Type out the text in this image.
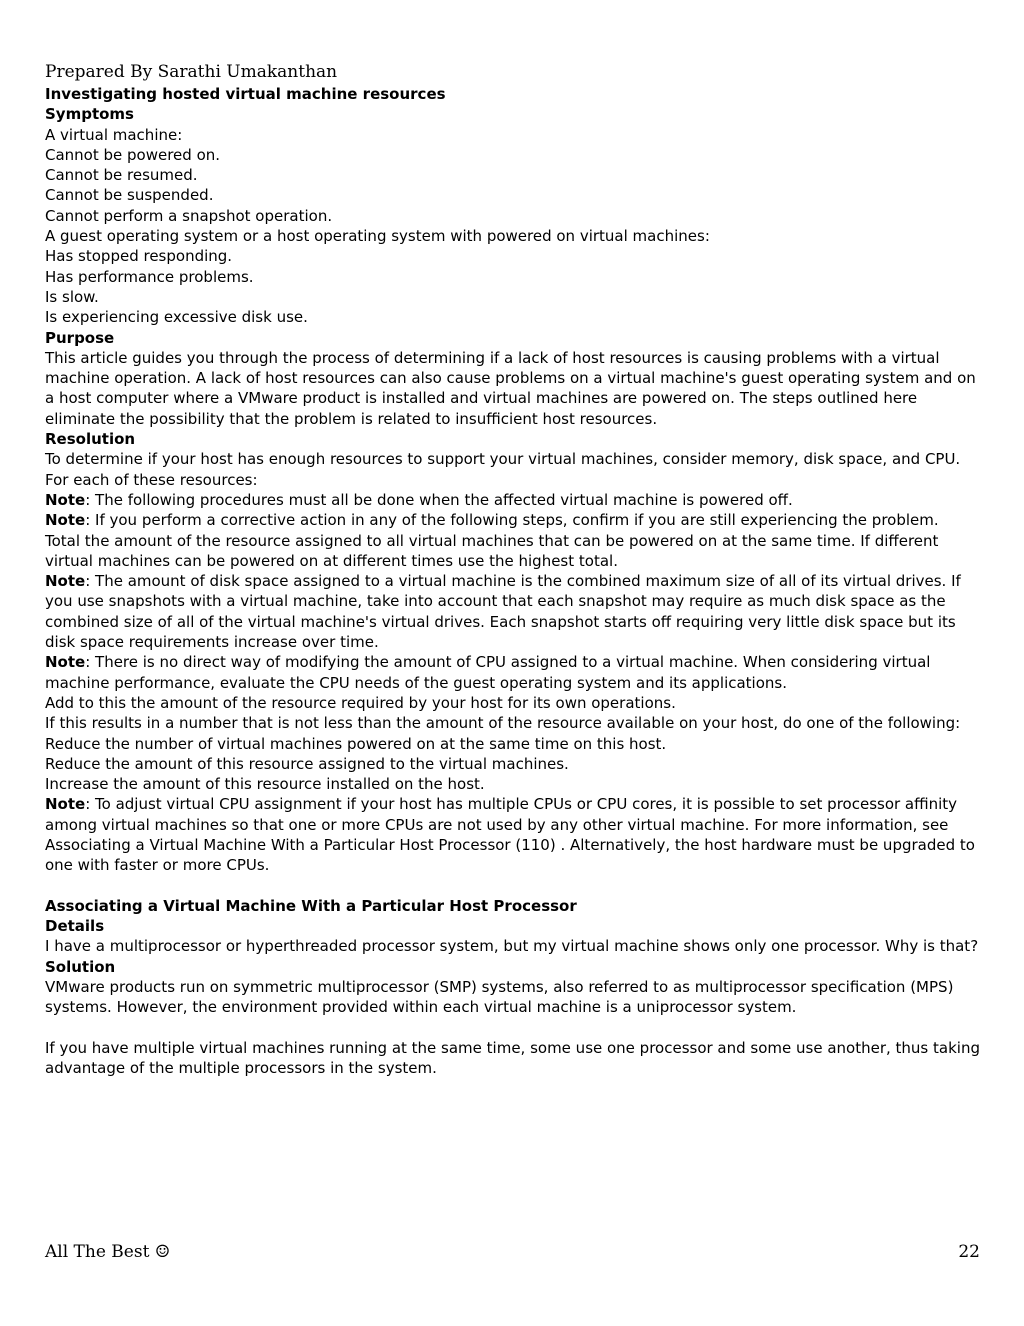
Prepared By Sarathi Umakanthan

Investigating hosted virtual machine resources

Symptoms

A virtual machine:

Cannot be powered on.

Cannot be resumed.

Cannot be suspended.

Cannot perform a snapshot operation.

A guest operating system or a host operating system with powered on virtual machines:

Has stopped responding.

Has performance problems.

Is slow.

Is experiencing excessive disk use.

Purpose

This article guides you through the process of determining if a lack of host resources is causing problems with a virtual machine operation. A lack of host resources can also cause problems on a virtual machine's guest operating system and on a host computer where a VMware product is installed and virtual machines are powered on. The steps outlined here eliminate the possibility that the problem is related to insufficient host resources.

Resolution

To determine if your host has enough resources to support your virtual machines, consider memory, disk space, and CPU. For each of these resources:

Note: The following procedures must all be done when the affected virtual machine is powered off.

Note: If you perform a corrective action in any of the following steps, confirm if you are still experiencing the problem.

Total the amount of the resource assigned to all virtual machines that can be powered on at the same time. If different virtual machines can be powered on at different times use the highest total.

Note: The amount of disk space assigned to a virtual machine is the combined maximum size of all of its virtual drives. If you use snapshots with a virtual machine, take into account that each snapshot may require as much disk space as the combined size of all of the virtual machine's virtual drives. Each snapshot starts off requiring very little disk space but its disk space requirements increase over time.

Note: There is no direct way of modifying the amount of CPU assigned to a virtual machine. When considering virtual machine performance, evaluate the CPU needs of the guest operating system and its applications.

Add to this the amount of the resource required by your host for its own operations.

If this results in a number that is not less than the amount of the resource available on your host, do one of the following:

Reduce the number of virtual machines powered on at the same time on this host.

Reduce the amount of this resource assigned to the virtual machines.

Increase the amount of this resource installed on the host.

Note: To adjust virtual CPU assignment if your host has multiple CPUs or CPU cores, it is possible to set processor affinity among virtual machines so that one or more CPUs are not used by any other virtual machine. For more information, see Associating a Virtual Machine With a Particular Host Processor (110) . Alternatively, the host hardware must be upgraded to one with faster or more CPUs.

Associating a Virtual Machine With a Particular Host Processor

Details

I have a multiprocessor or hyperthreaded processor system, but my virtual machine shows only one processor. Why is that?

Solution

VMware products run on symmetric multiprocessor (SMP) systems, also referred to as multiprocessor specification (MPS) systems. However, the environment provided within each virtual machine is a uniprocessor system.

If you have multiple virtual machines running at the same time, some use one processor and some use another, thus taking advantage of the multiple processors in the system.

All The Best ☺	22
